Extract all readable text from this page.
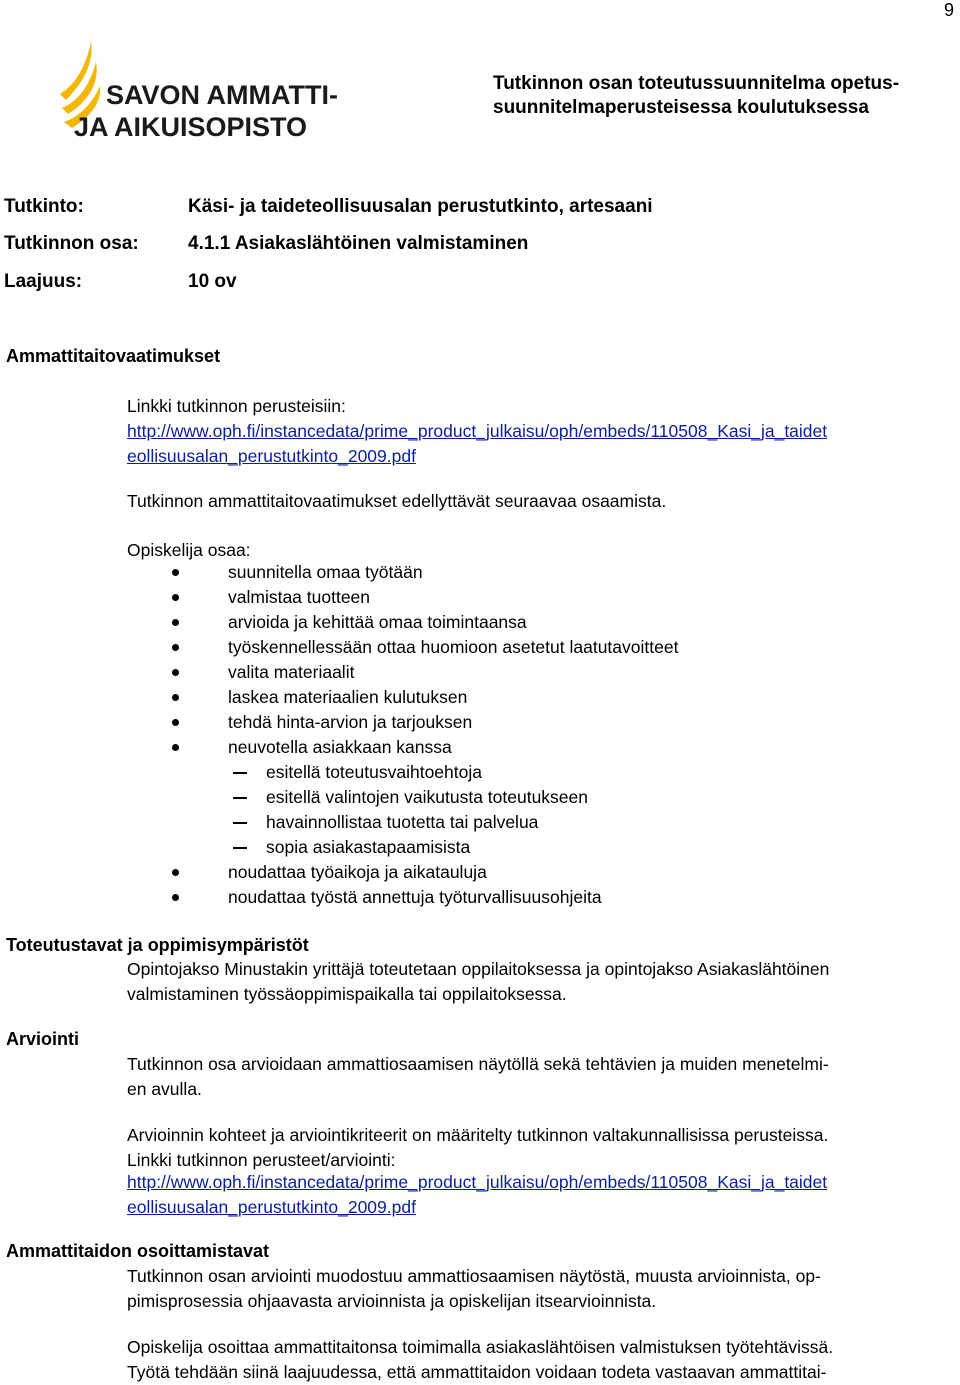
9
SAVON AMMATTI-
JA AIKUISOPISTO
Tutkinnon osan toteutussuunnitelma opetus-
suunnitelmaperusteisessa koulutuksessa
Tutkinto:	Käsi- ja taideteollisuusalan perustutkinto, artesaani
Tutkinnon osa:	4.1.1 Asiakaslähtöinen valmistaminen
Laajuus:	10 ov
Ammattitaitovaatimukset
Linkki tutkinnon perusteisiin:
http://www.oph.fi/instancedata/prime_product_julkaisu/oph/embeds/110508_Kasi_ja_taidet
eollisuusalan_perustutkinto_2009.pdf
Tutkinnon ammattitaitovaatimukset edellyttävät seuraavaa osaamista.
Opiskelija osaa:
suunnitella omaa työtään
valmistaa tuotteen
arvioida ja kehittää omaa toimintaansa
työskennellessään ottaa huomioon asetetut laatutavoitteet
valita materiaalit
laskea materiaalien kulutuksen
tehdä hinta-arvion ja tarjouksen
neuvotella asiakkaan kanssa
esitellä toteutusvaihtoehtoja
esitellä valintojen vaikutusta toteutukseen
havainnollistaa tuotetta tai palvelua
sopia asiakastapaamisista
noudattaa työaikoja ja aikatauluja
noudattaa työstä annettuja työturvallisuusohjeita
Toteutustavat ja oppimisympäristöt
Opintojakso Minustakin yrittäjä toteutetaan oppilaitoksessa ja opintojakso Asiakaslähtöinen
valmistaminen työssäoppimispaikalla tai oppilaitoksessa.
Arviointi
Tutkinnon osa arvioidaan ammattiosaamisen näytöllä sekä tehtävien ja muiden menetelmi-
en avulla.
Arvioinnin kohteet ja arviointikriteerit on määritelty tutkinnon valtakunnallisissa perusteissa.
Linkki tutkinnon perusteet/arviointi:
http://www.oph.fi/instancedata/prime_product_julkaisu/oph/embeds/110508_Kasi_ja_taidet
eollisuusalan_perustutkinto_2009.pdf
Ammattitaidon osoittamistavat
Tutkinnon osan arviointi muodostuu ammattiosaamisen näytöstä, muusta arvioinnista, op-
pimisprosessia ohjaavasta arvioinnista ja opiskelijan itsearvioinnista.
Opiskelija osoittaa ammattitaitonsa toimimalla asiakaslähtöisen valmistuksen työtehtävissä.
Työtä tehdään siinä laajuudessa, että ammattitaidon voidaan todeta vastaavan ammattitai-
